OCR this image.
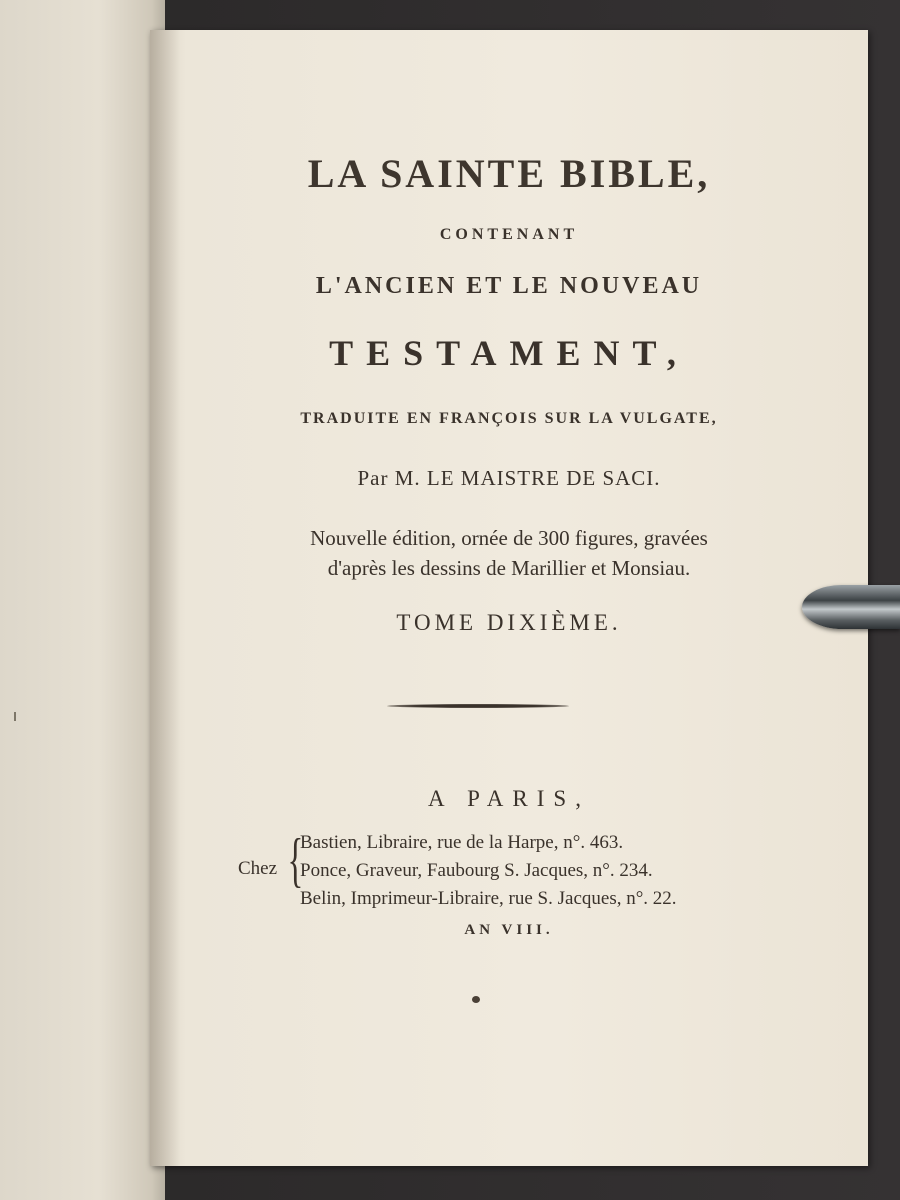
LA SAINTE BIBLE,

CONTENANT

L'ANCIEN ET LE NOUVEAU

TESTAMENT,

TRADUITE EN FRANÇOIS SUR LA VULGATE,

Par M. LE MAISTRE DE SACI.

Nouvelle édition, ornée de 300 figures, gravées

d'après les dessins de Marillier et Monsiau.

TOME DIXIÈME.

A PARIS,

Chez {
Bastien, Libraire, rue de la Harpe, n°. 463.
Ponce, Graveur, Faubourg S. Jacques, n°. 234.
Belin, Imprimeur-Libraire, rue S. Jacques, n°. 22.

AN VIII.
